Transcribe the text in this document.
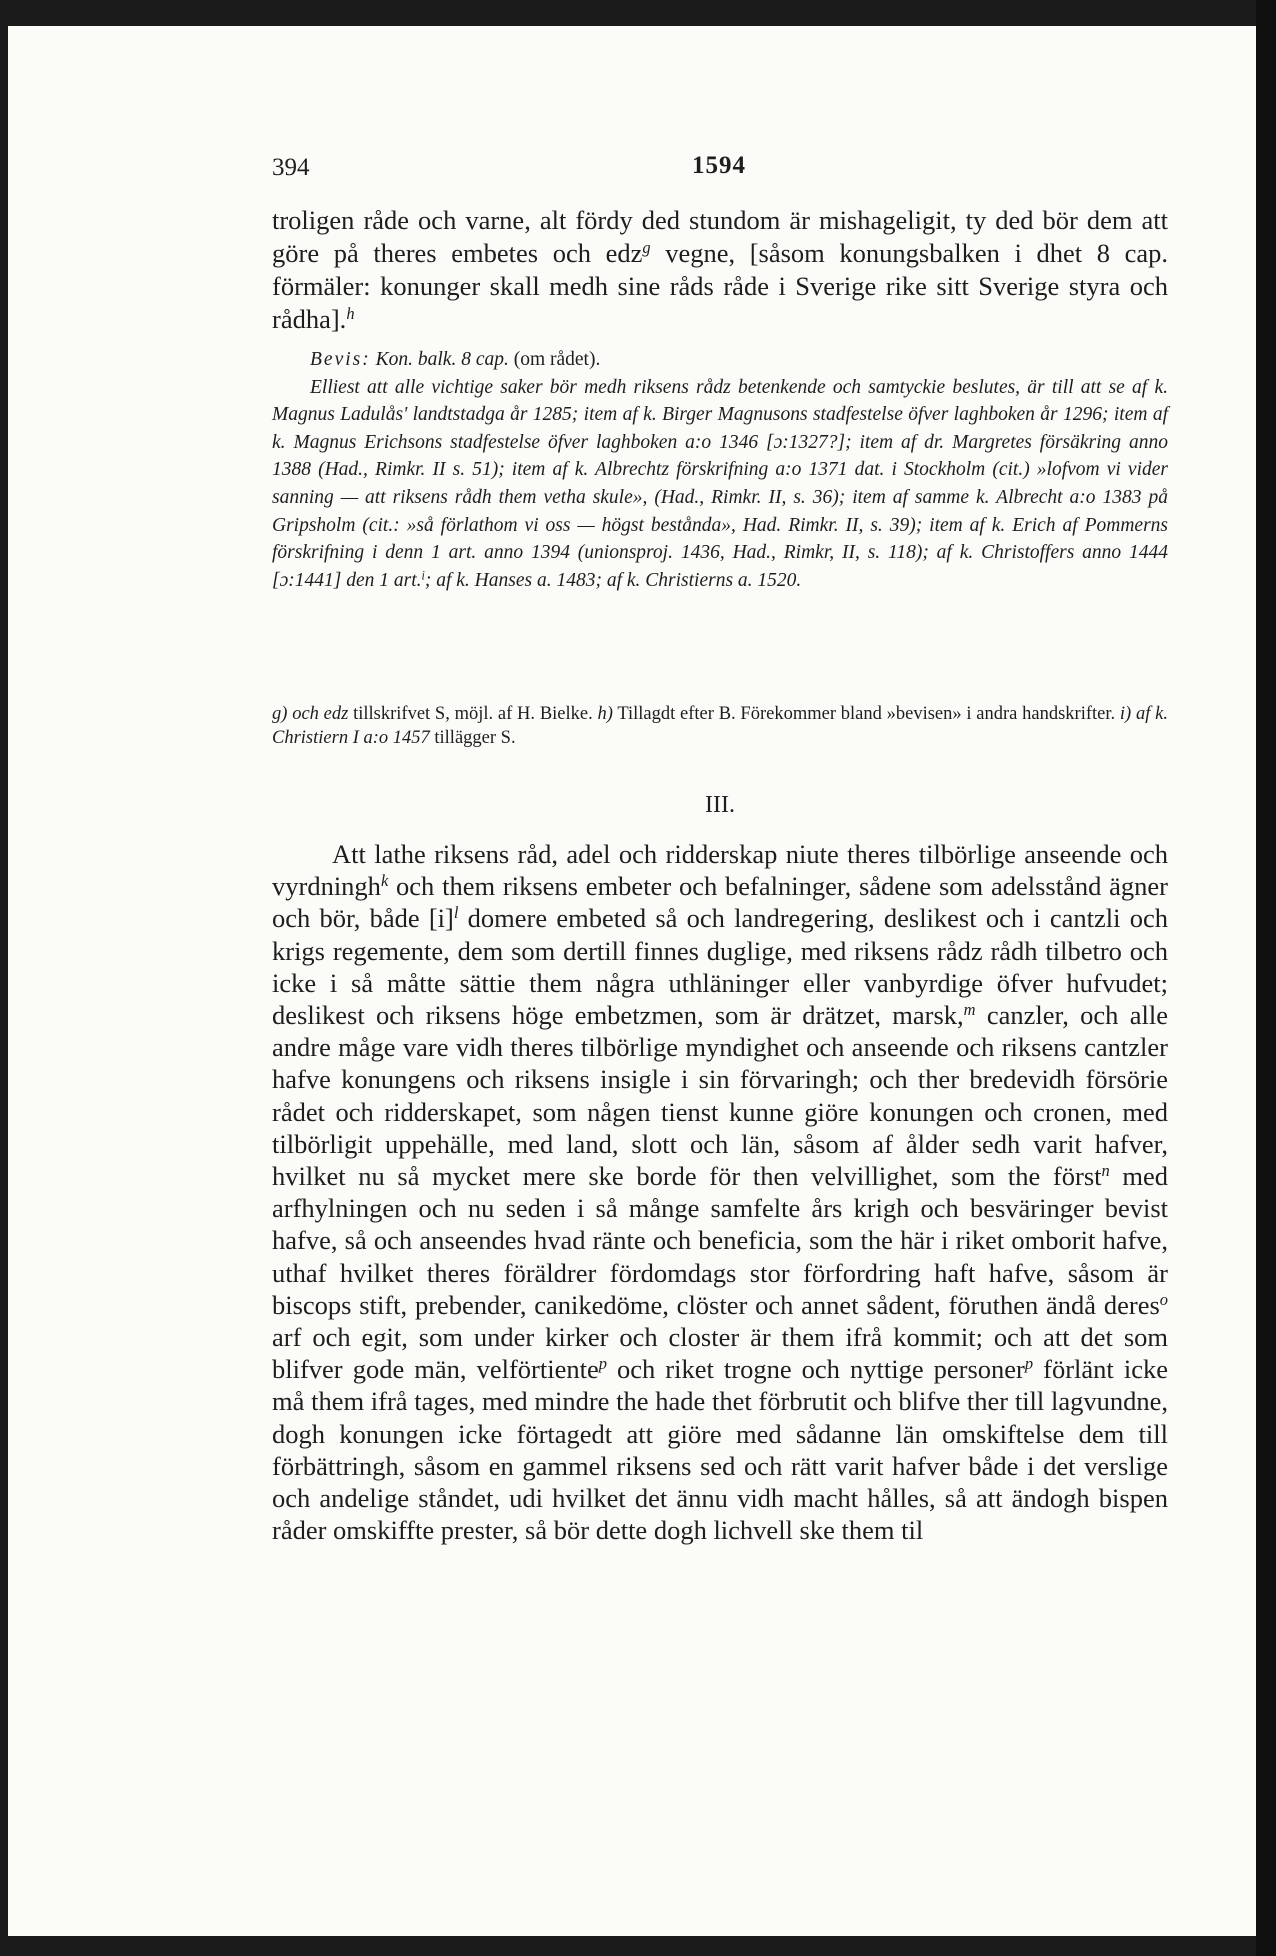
394	1594

troligen råde och varne, alt fördy ded stundom är mishageligit, ty ded bör dem att göre på theres embetes och edz$^g$ vegne, [såsom konungsbalken i dhet 8 cap. förmäler: konunger skall medh sine råds råde i Sverige rike sitt Sverige styra och rådha].$^h$

Bevis: Kon. balk. 8 cap. (om rådet).

Elliest att alle vichtige saker bör medh riksens rådz betenkende och samtyckie beslutes, är till att se af k. Magnus Ladulås' landtstadga år 1285; item af k. Birger Magnusons stadfestelse öfver laghboken år 1296; item af k. Magnus Erichsons stadfestelse öfver laghboken a:o 1346 [ɔ:1327?]; item af dr. Margretes försäkring anno 1388 (Had., Rimkr. II s. 51); item af k. Albrechtz förskrifning a:o 1371 dat. i Stockholm (cit.) »lofvom vi vider sanning — att riksens rådh them vetha skule», (Had., Rimkr. II, s. 36); item af samme k. Albrecht a:o 1383 på Gripsholm (cit.: »så förlathom vi oss — högst bestånda», Had. Rimkr. II, s. 39); item af k. Erich af Pommerns förskrifning i denn 1 art. anno 1394 (unionsproj. 1436, Had., Rimkr, II, s. 118); af k. Christoffers anno 1444 [ɔ:1441] den 1 art.$^i$; af k. Hanses a. 1483; af k. Christierns a. 1520.

g) och edz tillskrifvet S, möjl. af H. Bielke. h) Tillagdt efter B. Förekommer bland »bevisen» i andra handskrifter. i) af k. Christiern I a:o 1457 tillägger S.

III.

Att lathe riksens råd, adel och ridderskap niute theres tilbörlige anseende och vyrdningh$^k$ och them riksens embeter och befalninger, sådene som adelsstånd ägner och bör, både $[i]^l$ domere embeted så och landregering, deslikest och i cantzli och krigs regemente, dem som dertill finnes duglige, med riksens rådz rådh tilbetro och icke i så måtte sättie them några uthläninger eller vanbyrdige öfver hufvudet; deslikest och riksens höge embetzmen, som är drätzet, marsk,$^m$ canzler, och alle andre måge vare vidh theres tilbörlige myndighet och anseende och riksens cantzler hafve konungens och riksens insigle i sin förvaringh; och ther bredevidh försörie rådet och ridderskapet, som någen tienst kunne giöre konungen och cronen, med tilbörligit uppehälle, med land, slott och län, såsom af ålder sedh varit hafver, hvilket nu så mycket mere ske borde för then velvillighet, som the först$^n$ med arfhylningen och nu seden i så månge samfelte års krigh och besväringer bevist hafve, så och anseendes hvad ränte och beneficia, som the här i riket omborit hafve, uthaf hvilket theres föräldrer fördomdags stor förfordring haft hafve, såsom är biscops stift, prebender, canikedöme, clöster och annet sådent, föruthen ändå deres$^o$ arf och egit, som under kirker och closter är them ifrå kommit; och att det som blifver gode män, velförtiente$^p$ och riket trogne och nyttige personer$^p$ förlänt icke må them ifrå tages, med mindre the hade thet förbrutit och blifve ther till lagvundne, dogh konungen icke förtagedt att giöre med sådanne län omskiftelse dem till förbättringh, såsom en gammel riksens sed och rätt varit hafver både i det verslige och andelige ståndet, udi hvilket det ännu vidh macht hålles, så att ändogh bispen råder omskiffte prester, så bör dette dogh lichvell ske them til
